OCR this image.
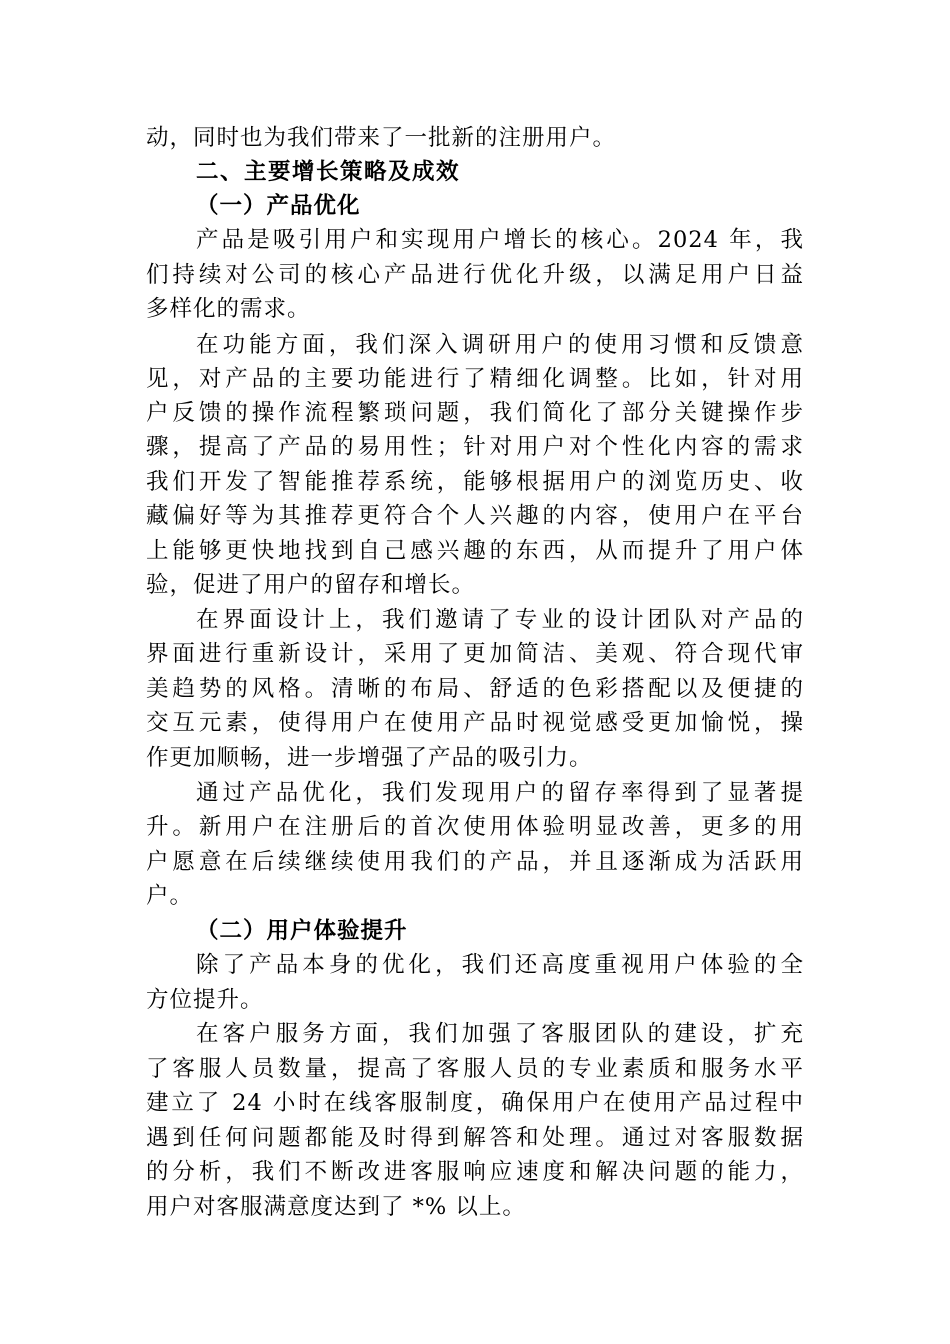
动，同时也为我们带来了一批新的注册用户。
二、主要增长策略及成效
（一）产品优化
产品是吸引用户和实现用户增长的核心。2024 年，我
们持续对公司的核心产品进行优化升级，以满足用户日益
多样化的需求。
在功能方面，我们深入调研用户的使用习惯和反馈意
见，对产品的主要功能进行了精细化调整。比如，针对用
户反馈的操作流程繁琐问题，我们简化了部分关键操作步
骤，提高了产品的易用性；针对用户对个性化内容的需求
我们开发了智能推荐系统，能够根据用户的浏览历史、收
藏偏好等为其推荐更符合个人兴趣的内容，使用户在平台
上能够更快地找到自己感兴趣的东西，从而提升了用户体
验，促进了用户的留存和增长。
在界面设计上，我们邀请了专业的设计团队对产品的
界面进行重新设计，采用了更加简洁、美观、符合现代审
美趋势的风格。清晰的布局、舒适的色彩搭配以及便捷的
交互元素，使得用户在使用产品时视觉感受更加愉悦，操
作更加顺畅，进一步增强了产品的吸引力。
通过产品优化，我们发现用户的留存率得到了显著提
升。新用户在注册后的首次使用体验明显改善，更多的用
户愿意在后续继续使用我们的产品，并且逐渐成为活跃用
户。
（二）用户体验提升
除了产品本身的优化，我们还高度重视用户体验的全
方位提升。
在客户服务方面，我们加强了客服团队的建设，扩充
了客服人员数量，提高了客服人员的专业素质和服务水平
建立了 24 小时在线客服制度，确保用户在使用产品过程中
遇到任何问题都能及时得到解答和处理。通过对客服数据
的分析，我们不断改进客服响应速度和解决问题的能力，
用户对客服满意度达到了 *% 以上。
